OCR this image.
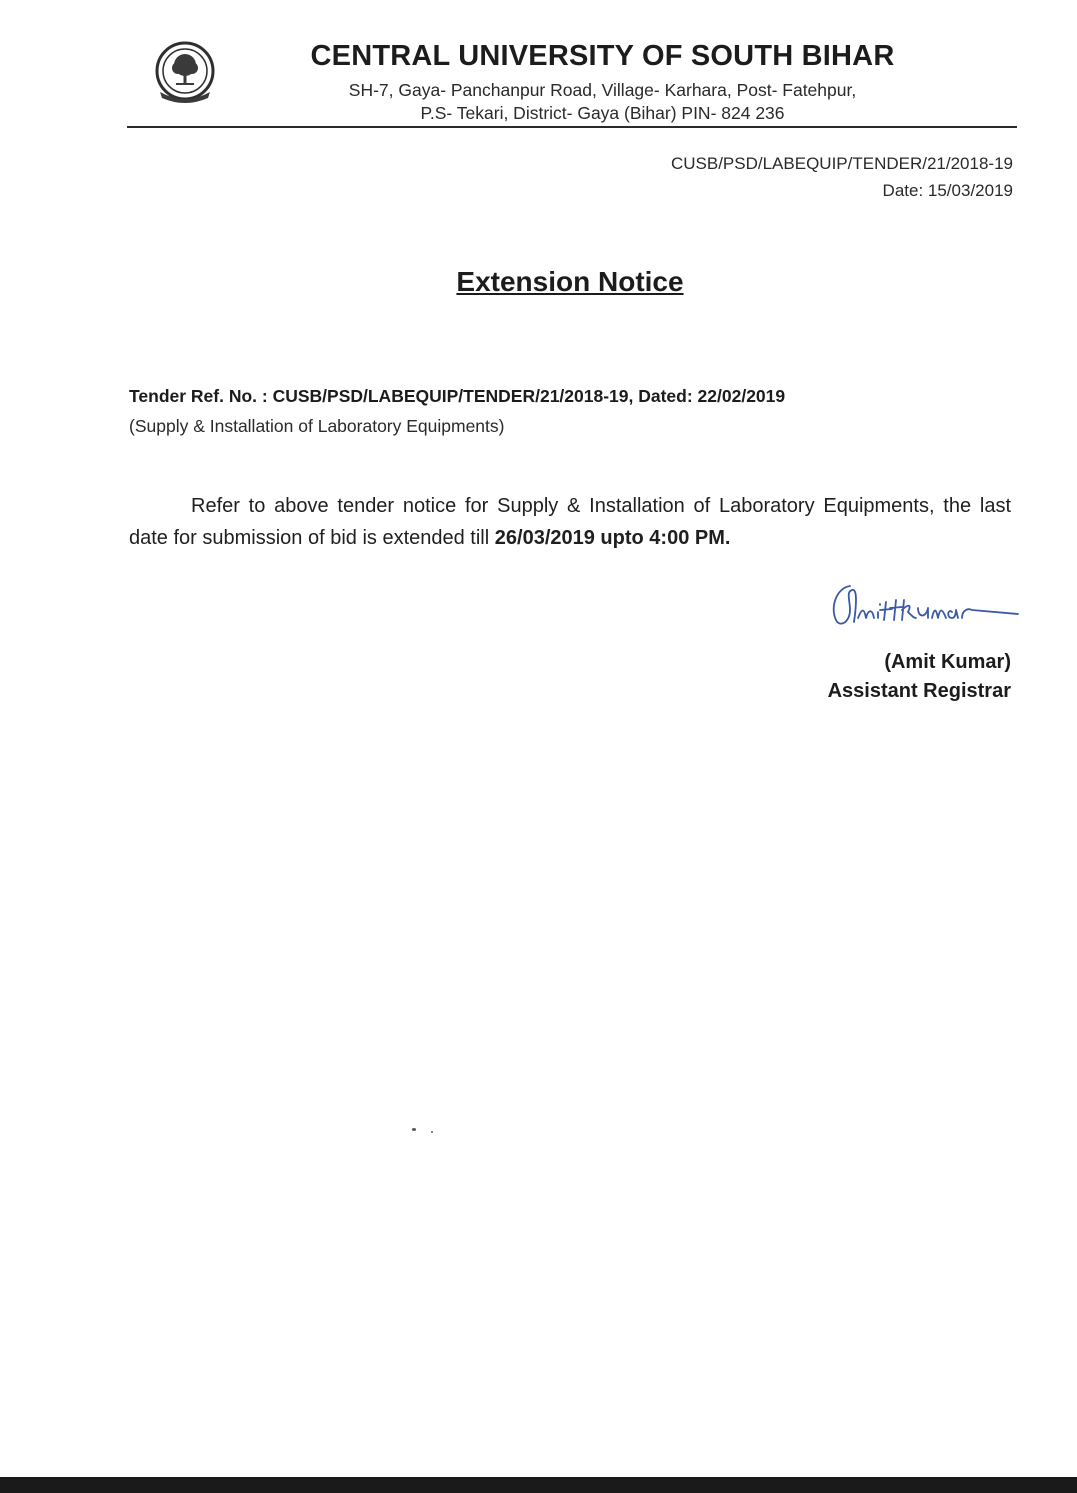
CENTRAL UNIVERSITY OF SOUTH BIHAR
SH-7, Gaya- Panchanpur Road, Village- Karhara, Post- Fatehpur,
P.S- Tekari, District- Gaya (Bihar) PIN- 824 236
CUSB/PSD/LABEQUIP/TENDER/21/2018-19
Date: 15/03/2019
Extension Notice
Tender Ref. No. : CUSB/PSD/LABEQUIP/TENDER/21/2018-19, Dated: 22/02/2019
(Supply & Installation of Laboratory Equipments)
Refer to above tender notice for Supply & Installation of Laboratory Equipments, the last date for submission of bid is extended till 26/03/2019 upto 4:00 PM.
(Amit Kumar)
Assistant Registrar
